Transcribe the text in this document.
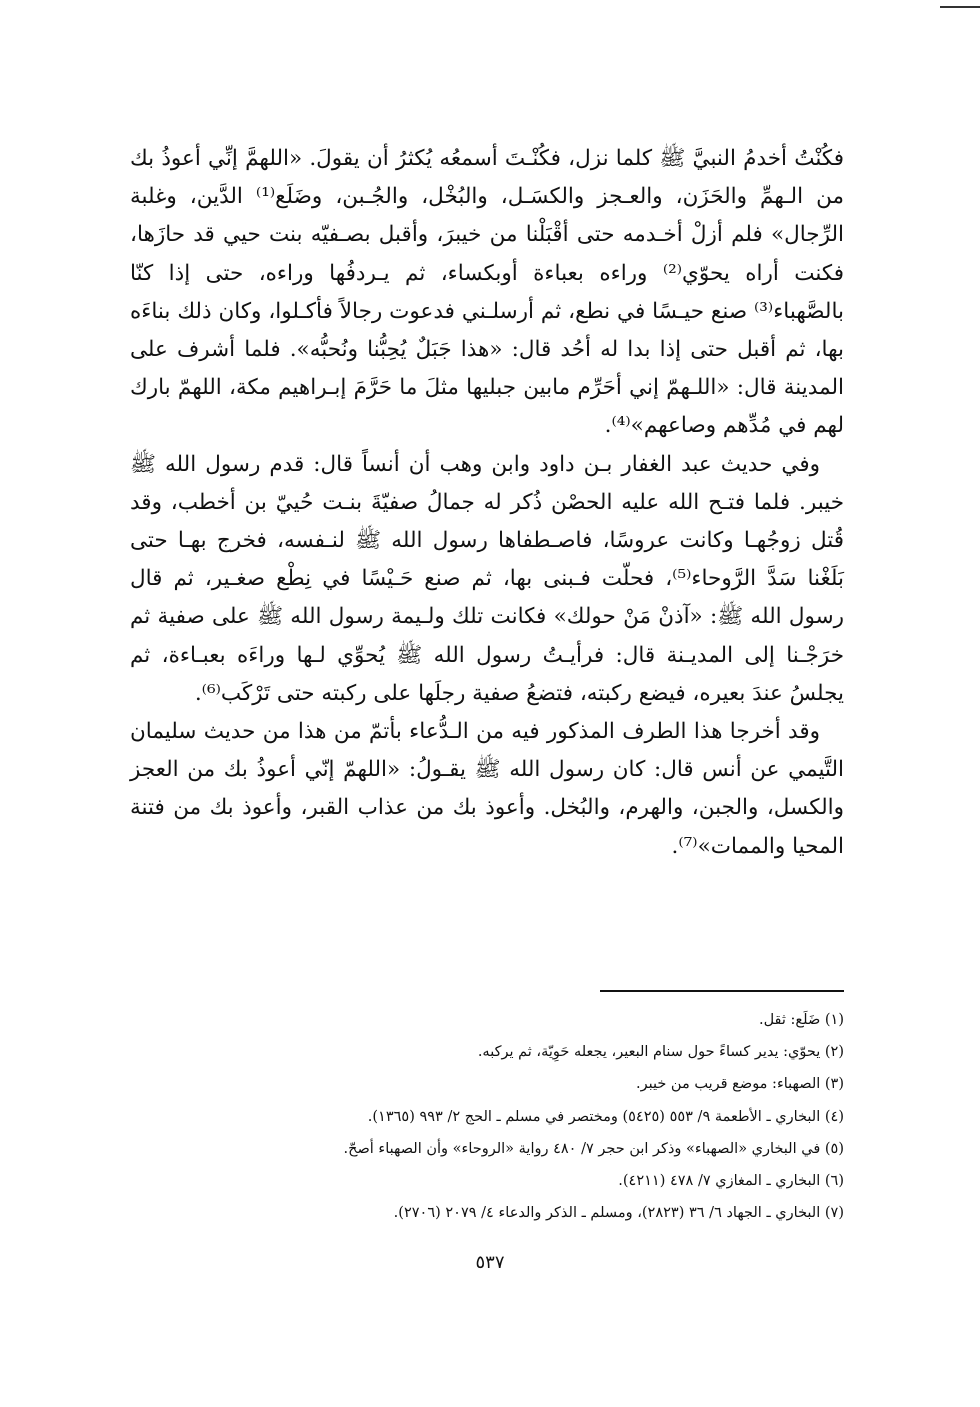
فكُنْتُ أخدمُ النبيَّ ﷺ كلما نزل، فكُنْـتَ أسمعُه يُكثرُ أن يقولَ. «اللهمَّ إنِّي أعوذُ بك من الـهمِّ والحَزَن، والعـجز والكسَـل، والبُخْل، والجُـبن، وضَلَع⁽¹⁾ الدَّين، وغلبة الرِّجال» فلم أزلْ أخـدمه حتى أقْبَلْنا من خيبرَ، وأقبل بصـفيّه بنت حيي قد حازَها، فكنت أراه يحوّي⁽²⁾ وراءه بعباءة أوبكساء، ثم يـردفُها وراءه، حتى إذا كنّا بالصَّهباء⁽³⁾ صنع حيـسًا في نطع، ثم أرسلـني فدعوت رجالاً فأكـلوا، وكان ذلك بناءَه بها، ثم أقبل حتى إذا بدا له أحُد قال: «هذا جَبَلٌ يُحِبُّنا ونُحبُّه». فلما أشرف على المدينة قال: «اللـهمّ إني أحَرِّم مابين جبليها مثلَ ما حَرَّمَ إبـراهيم مكة، اللهمّ بارك لهم في مُدِّهم وصاعهم»⁽⁴⁾.

وفي حديث عبد الغفار بـن داود وابن وهب أن أنساً قال: قدم رسول الله ﷺ خيبر. فلما فتـح الله عليه الحصْن ذُكر له جمالُ صفيّةَ بنـت حُييّ بن أخطب، وقد قُتل زوجُهـا وكانت عروسًا، فاصـطفاها رسول الله ﷺ لنـفسه، فخرج بهـا حتى بَلَغْنا سَدَّ الرَّوحاء⁽⁵⁾، فحلّت فـبنى بها، ثم صنع حَـيْسًا في نِطْع صغـير، ثم قال رسول الله ﷺ: «آذنْ مَنْ حولك» فكانت تلك ولـيمة رسول الله ﷺ على صفية ثم خرَجْـنا إلى المديـنة قال: فرأيـتُ رسول الله ﷺ يُحوِّي لـها وراءَه بعبـاءة، ثم يجلسُ عندَ بعيره، فيضع ركبته، فتضعُ صفية رجلَها على ركبته حتى تَرْكَب⁽⁶⁾.

وقد أخرجا هذا الطرف المذكور فيه من الـدُّعاء بأتمّ من هذا من حديث سليمان التَّيمي عن أنس قال: كان رسول الله ﷺ يقـولُ: «اللهمّ إنّي أعوذُ بك من العجز والكسل، والجبن، والهرم، والبُخل. وأعوذ بك من عذاب القبر، وأعوذ بك من فتنة المحيا والممات»⁽⁷⁾.

(١) ضَلَع: ثقل.
(٢) يحوّي: يدير كساءً حول سنام البعير، يجعله حَوِيّة، ثم يركبه.
(٣) الصهباء: موضع قريب من خيبر.
(٤) البخاري ـ الأطعمة ٩/ ٥٥٣ (٥٤٢٥) ومختصر في مسلم ـ الحج ٢/ ٩٩٣ (١٣٦٥).
(٥) في البخاري «الصهباء» وذكر ابن حجر ٧/ ٤٨٠ رواية «الروحاء» وأن الصهباء أصحّ.
(٦) البخاري ـ المغازي ٧/ ٤٧٨ (٤٢١١).
(٧) البخاري ـ الجهاد ٦/ ٣٦ (٢٨٢٣)، ومسلم ـ الذكر والدعاء ٤/ ٢٠٧٩ (٢٧٠٦).
٥٣٧
